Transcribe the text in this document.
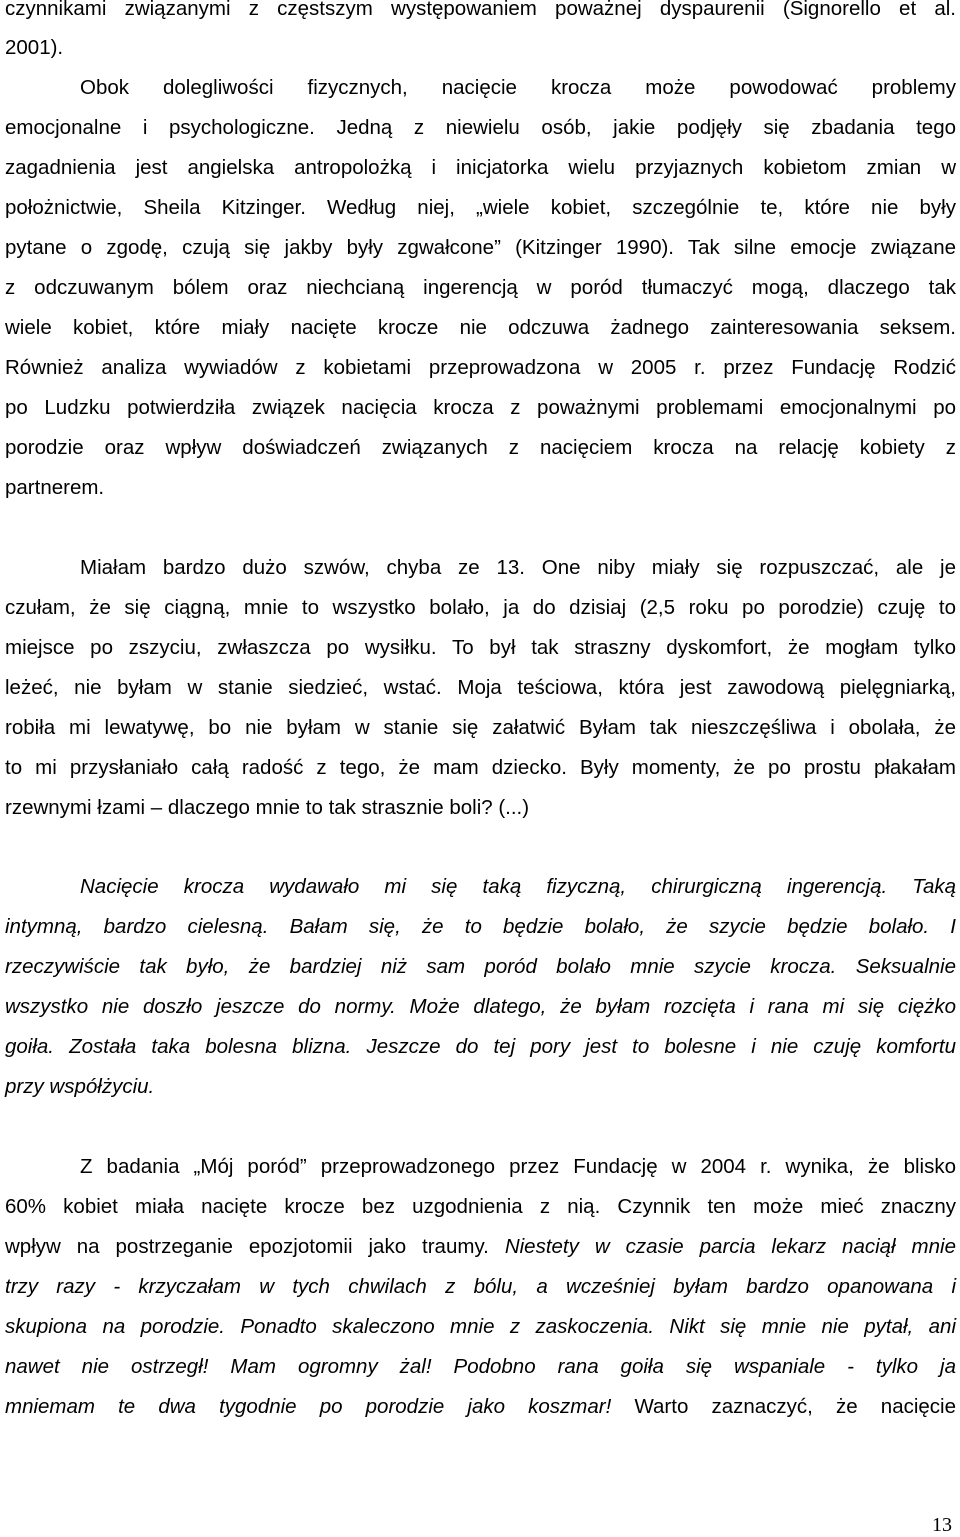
czynnikami związanymi z częstszym występowaniem poważnej dyspaurenii (Signorello et al.
2001).
Obok dolegliwości fizycznych, nacięcie krocza może powodować problemy
emocjonalne i psychologiczne. Jedną z niewielu osób, jakie podjęły się zbadania tego
zagadnienia jest angielska antropolożką i inicjatorka wielu przyjaznych kobietom zmian w
położnictwie, Sheila Kitzinger. Według niej, „wiele kobiet, szczególnie te, które nie były
pytane o zgodę, czują się jakby były zgwałcone” (Kitzinger 1990). Tak silne emocje związane
z odczuwanym bólem oraz niechcianą ingerencją w poród tłumaczyć mogą, dlaczego tak
wiele kobiet, które miały nacięte krocze nie odczuwa żadnego zainteresowania seksem.
Również analiza wywiadów z kobietami przeprowadzona w 2005 r. przez Fundację Rodzić
po Ludzku potwierdziła związek nacięcia krocza z poważnymi problemami emocjonalnymi po
porodzie oraz wpływ doświadczeń związanych z nacięciem krocza na relację kobiety z
partnerem.
Miałam bardzo dużo szwów, chyba ze 13. One niby miały się rozpuszczać, ale je
czułam, że się ciągną, mnie to wszystko bolało, ja do dzisiaj (2,5 roku po porodzie) czuję to
miejsce po zszyciu, zwłaszcza po wysiłku. To był tak straszny dyskomfort, że mogłam tylko
leżeć, nie byłam w stanie siedzieć, wstać. Moja teściowa, która jest zawodową pielęgniarką,
robiła mi lewatywę, bo nie byłam w stanie się załatwić Byłam tak nieszczęśliwa i obolała, że
to mi przysłaniało całą radość z tego, że mam dziecko. Były momenty, że po prostu płakałam
rzewnymi łzami – dlaczego mnie to tak strasznie boli? (...)
Nacięcie krocza wydawało mi się taką fizyczną, chirurgiczną ingerencją. Taką
intymną, bardzo cielesną. Bałam się, że to będzie bolało, że szycie będzie bolało. I
rzeczywiście tak było, że bardziej niż sam poród bolało mnie szycie krocza. Seksualnie
wszystko nie doszło jeszcze do normy. Może dlatego, że byłam rozcięta i rana mi się ciężko
goiła. Została taka bolesna blizna. Jeszcze do tej pory jest to bolesne i nie czuję komfortu
przy współżyciu.
Z badania „Mój poród” przeprowadzonego przez Fundację w 2004 r. wynika, że blisko
60% kobiet miała nacięte krocze bez uzgodnienia z nią. Czynnik ten może mieć znaczny
wpływ na postrzeganie epozjotomii jako traumy. Niestety w czasie parcia lekarz naciął mnie
trzy razy - krzyczałam w tych chwilach z bólu, a wcześniej byłam bardzo opanowana i
skupiona na porodzie. Ponadto skaleczono mnie z zaskoczenia. Nikt się mnie nie pytał, ani
nawet nie ostrzegł! Mam ogromny żal! Podobno rana goiła się wspaniale - tylko ja
mniemam te dwa tygodnie po porodzie jako koszmar! Warto zaznaczyć, że nacięcie
13
